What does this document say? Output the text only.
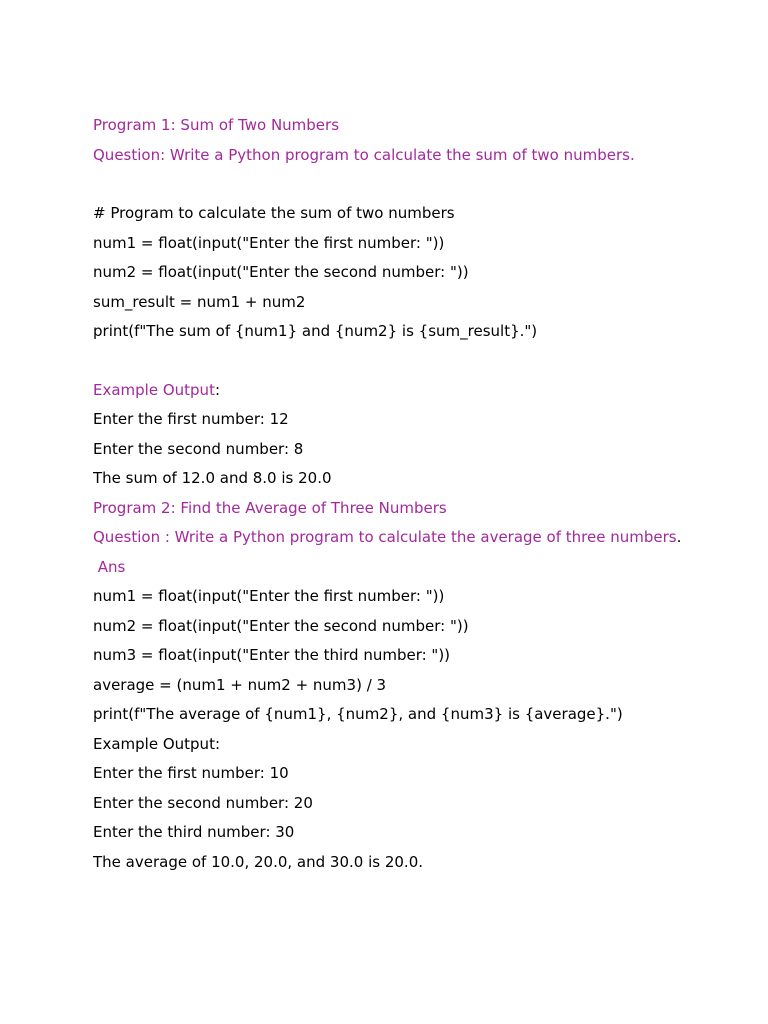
Program 1: Sum of Two Numbers
Question: Write a Python program to calculate the sum of two numbers.
# Program to calculate the sum of two numbers
num1 = float(input("Enter the first number: "))
num2 = float(input("Enter the second number: "))
sum_result = num1 + num2
print(f"The sum of {num1} and {num2} is {sum_result}.")
Example Output:
Enter the first number: 12
Enter the second number: 8
The sum of 12.0 and 8.0 is 20.0
Program 2: Find the Average of Three Numbers
Question : Write a Python program to calculate the average of three numbers.
Ans
num1 = float(input("Enter the first number: "))
num2 = float(input("Enter the second number: "))
num3 = float(input("Enter the third number: "))
average = (num1 + num2 + num3) / 3
print(f"The average of {num1}, {num2}, and {num3} is {average}.")
Example Output:
Enter the first number: 10
Enter the second number: 20
Enter the third number: 30
The average of 10.0, 20.0, and 30.0 is 20.0.
